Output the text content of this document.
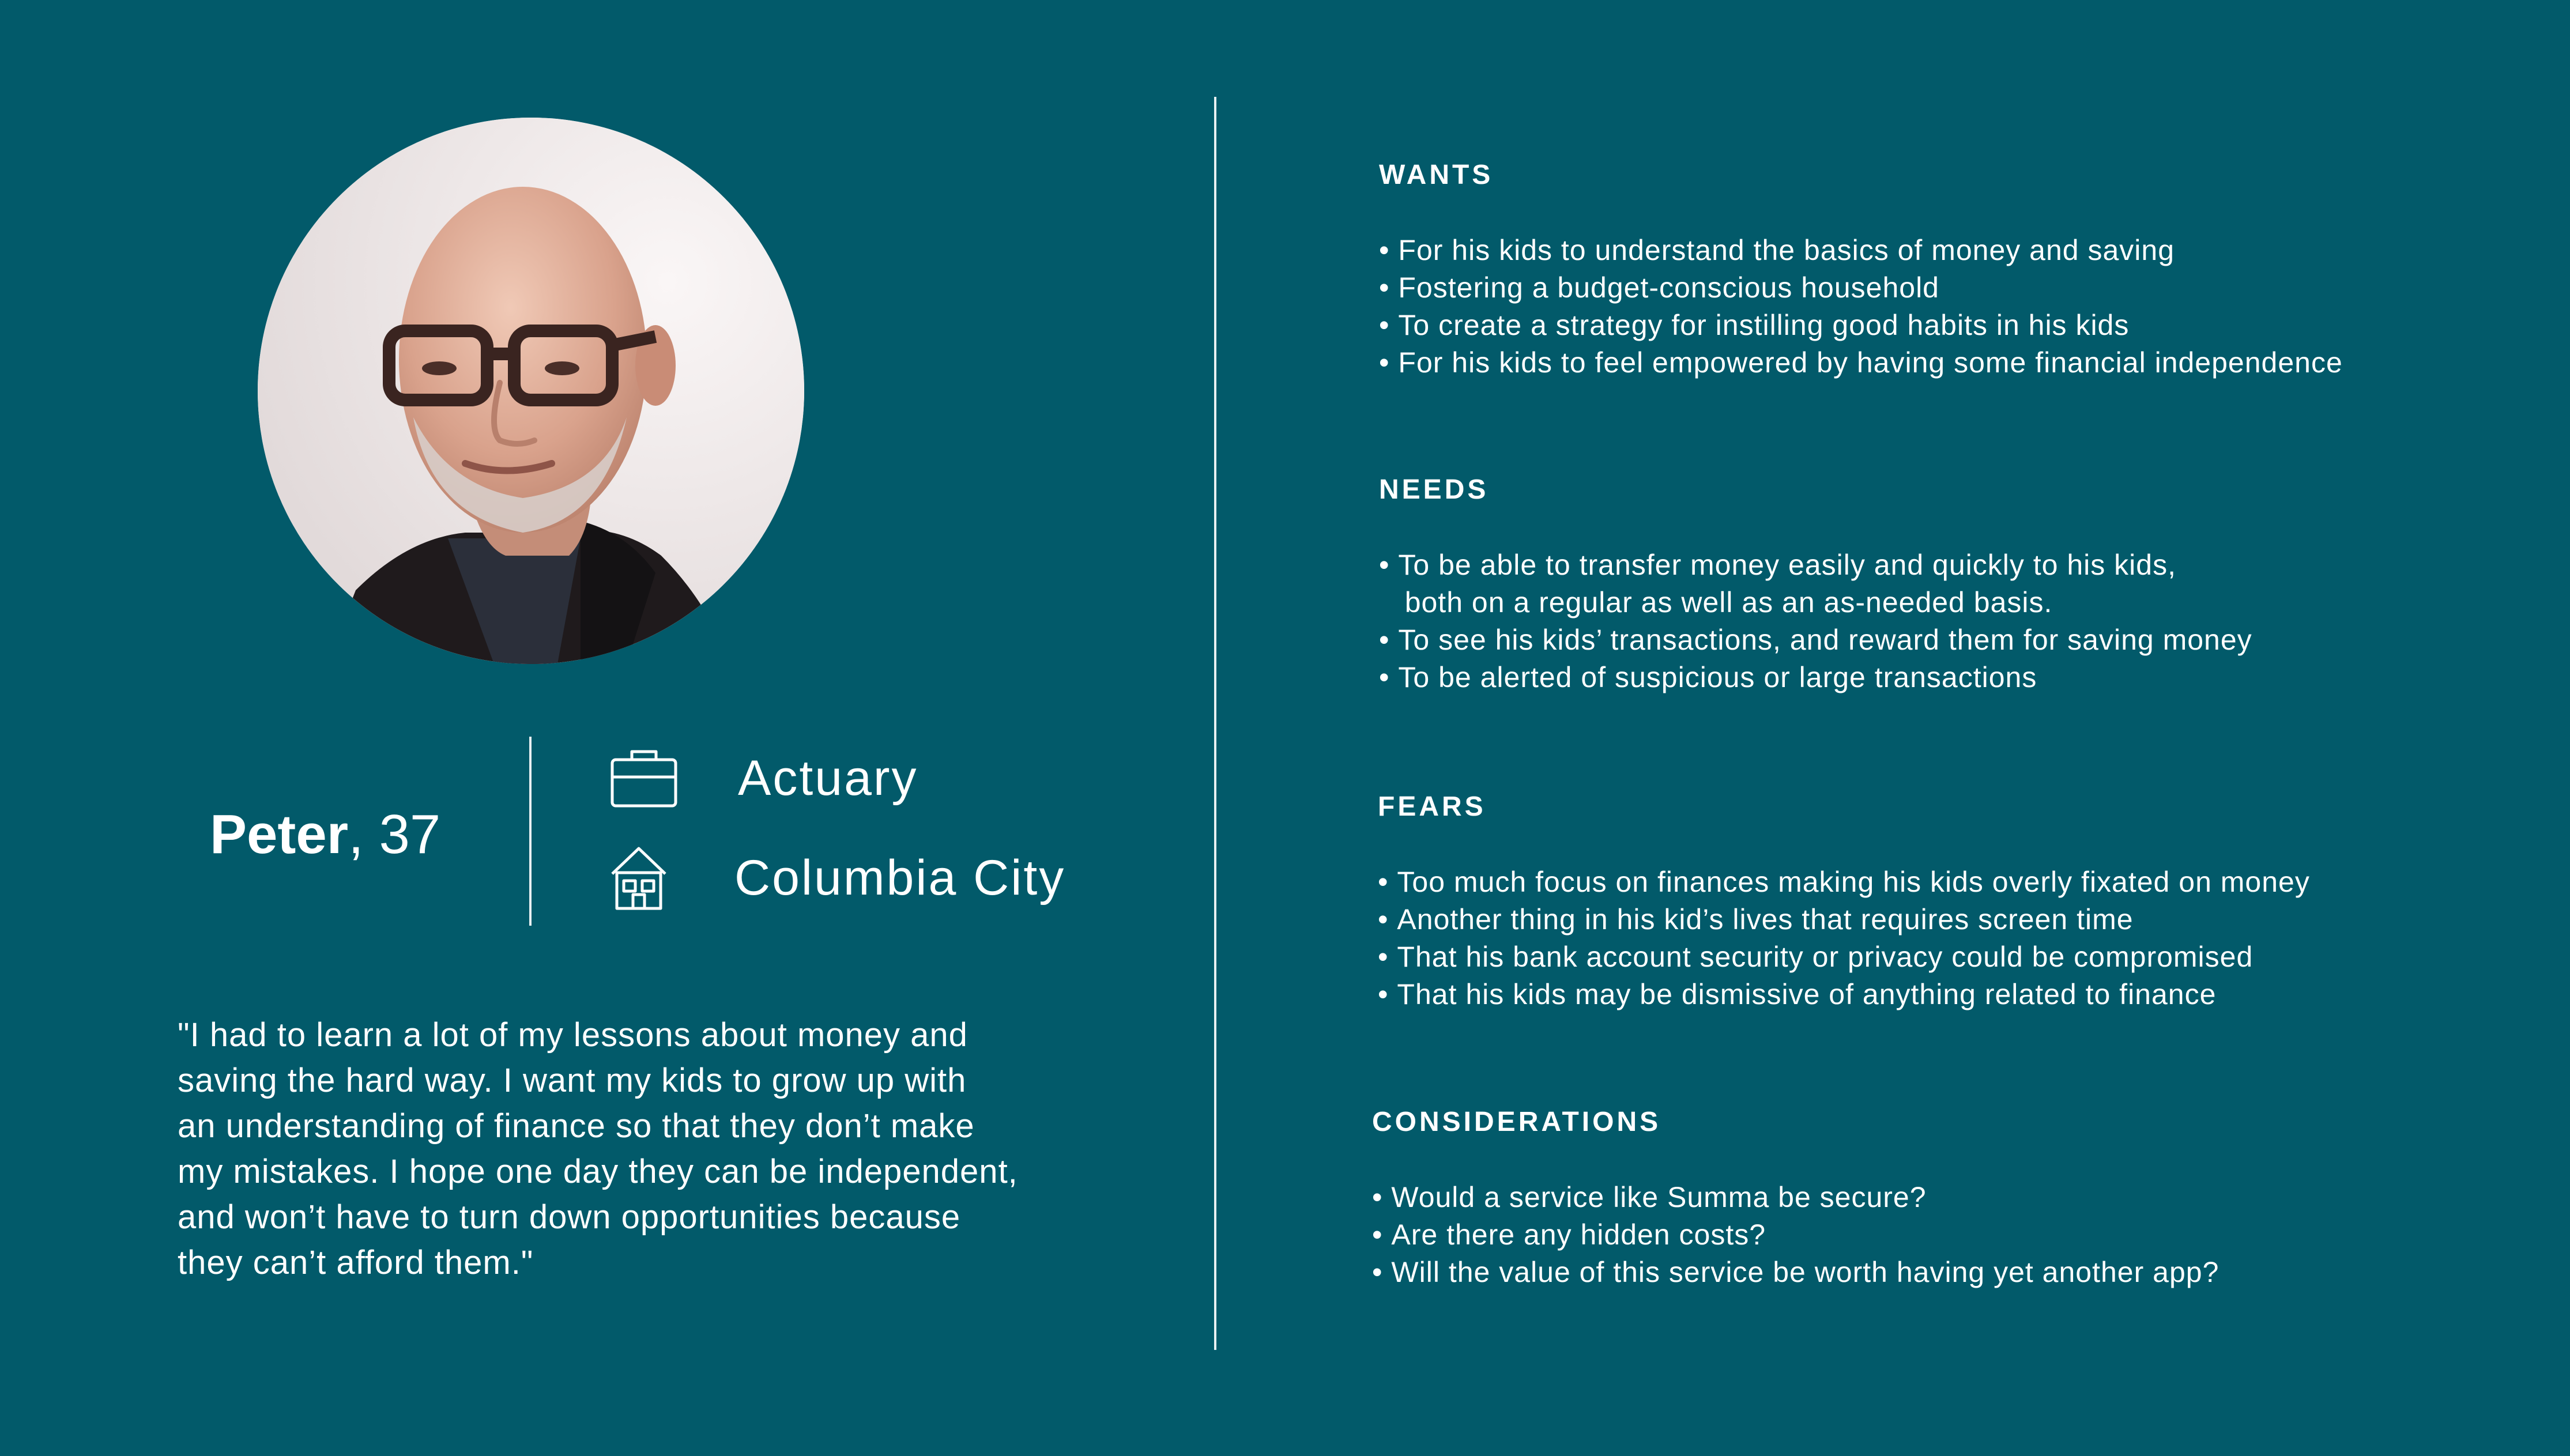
Peter, 37
Actuary
Columbia City

"I had to learn a lot of my lessons about money and
saving the hard way. I want my kids to grow up with
an understanding of finance so that they don’t make
my mistakes. I hope one day they can be independent,
and won’t have to turn down opportunities because
they can’t afford them."

WANTS
• For his kids to understand the basics of money and saving
• Fostering a budget-conscious household
• To create a strategy for instilling good habits in his kids
• For his kids to feel empowered by having some financial independence
NEEDS
• To be able to transfer money easily and quickly to his kids,
both on a regular as well as an as-needed basis.
• To see his kids’ transactions, and reward them for saving money
• To be alerted of suspicious or large transactions
FEARS
• Too much focus on finances making his kids overly fixated on money
• Another thing in his kid’s lives that requires screen time
• That his bank account security or privacy could be compromised
• That his kids may be dismissive of anything related to finance
CONSIDERATIONS
• Would a service like Summa be secure?
• Are there any hidden costs?
• Will the value of this service be worth having yet another app?
